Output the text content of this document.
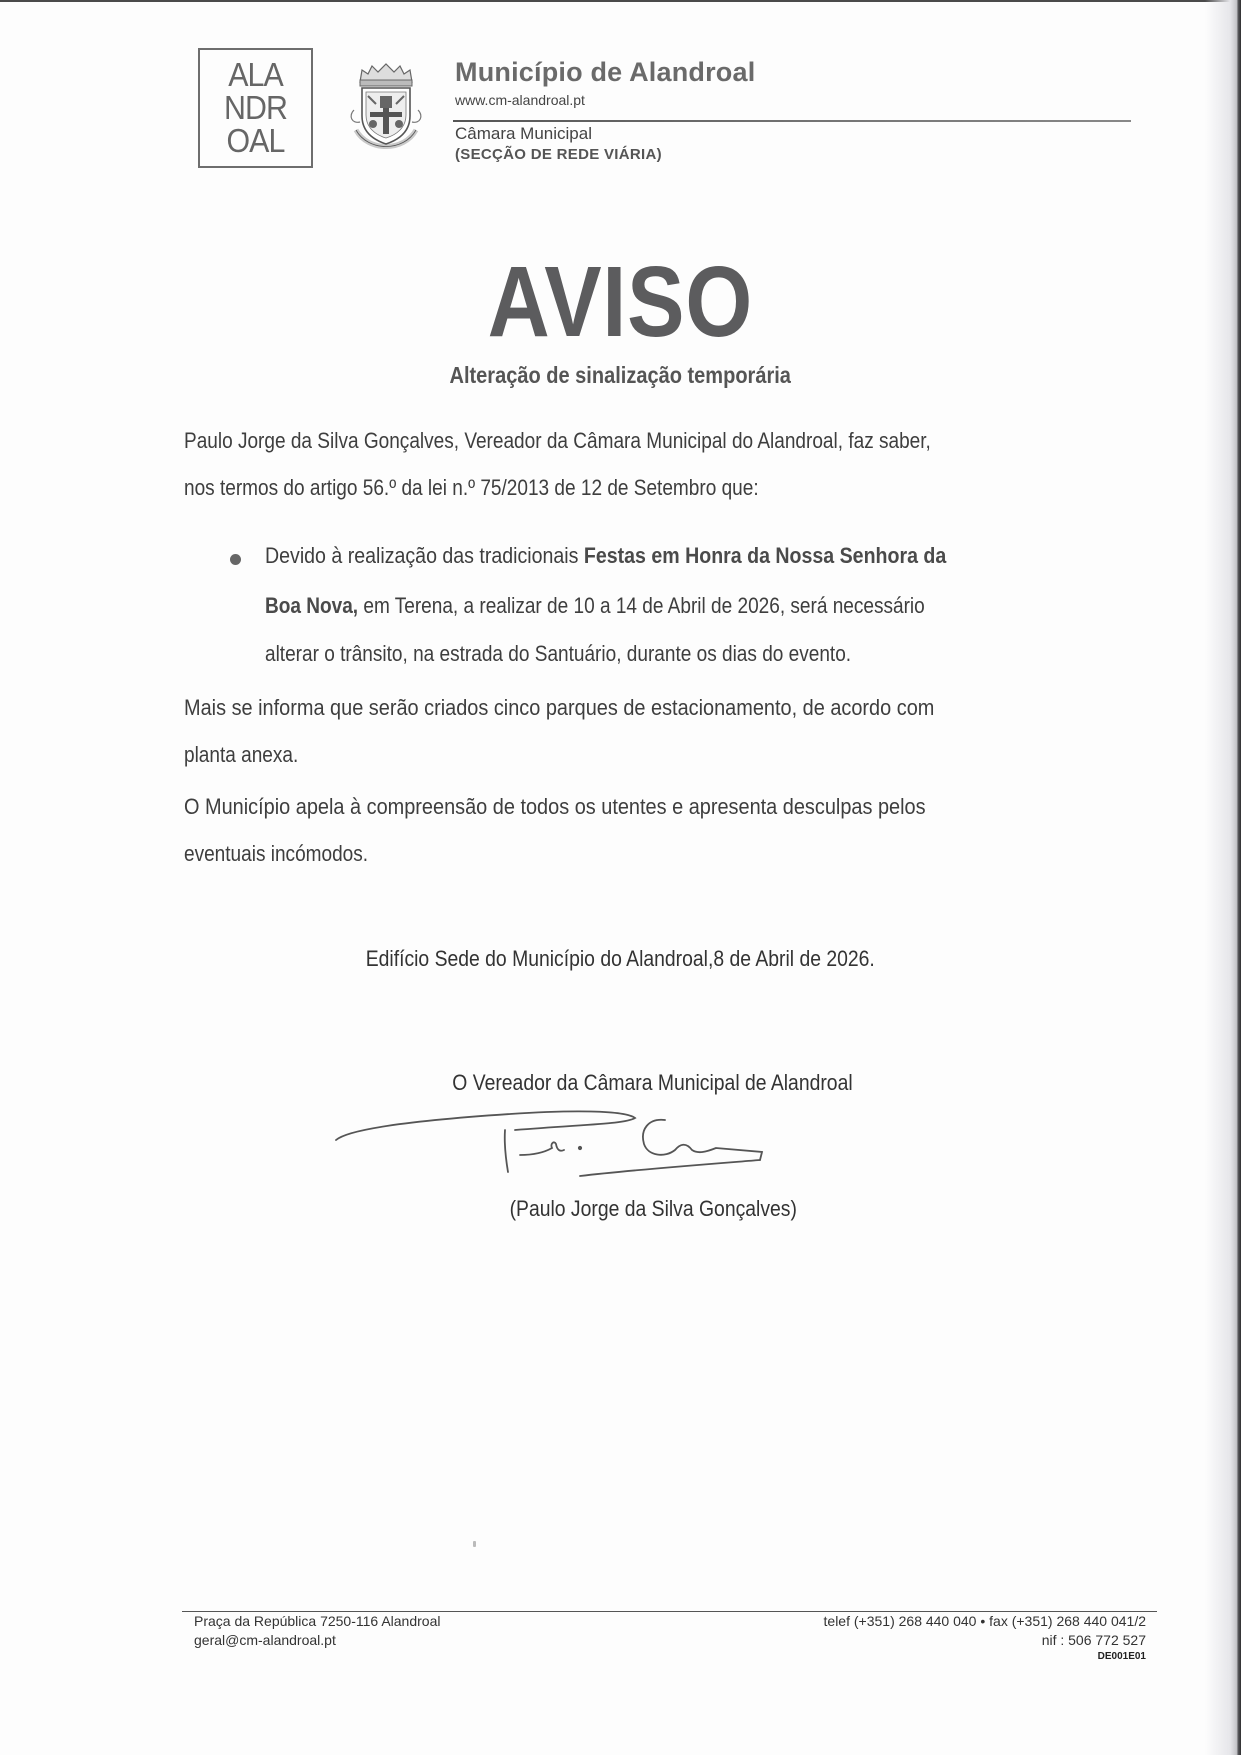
ALA
NDR
OAL
Município de Alandroal
www.cm-alandroal.pt
Câmara Municipal
(SECÇÃO DE REDE VIÁRIA)
AVISO
Alteração de sinalização temporária
Paulo Jorge da Silva Gonçalves, Vereador da Câmara Municipal do Alandroal, faz saber,
nos termos do artigo 56.º da lei n.º 75/2013 de 12 de Setembro que:
Devido à realização das tradicionais Festas em Honra da Nossa Senhora da
Boa Nova, em Terena, a realizar de 10 a 14 de Abril de 2026, será necessário
alterar o trânsito, na estrada do Santuário, durante os dias do evento.
Mais se informa que serão criados cinco parques de estacionamento, de acordo com
planta anexa.
O Município apela à compreensão de todos os utentes e apresenta desculpas pelos
eventuais incómodos.
Edifício Sede do Município do Alandroal,8 de Abril de 2026.
O Vereador da Câmara Municipal de Alandroal
(Paulo Jorge da Silva Gonçalves)
Praça da República 7250-116 Alandroal
geral@cm-alandroal.pt
telef (+351) 268 440 040 • fax (+351) 268 440 041/2
nif : 506 772 527
DE001E01
